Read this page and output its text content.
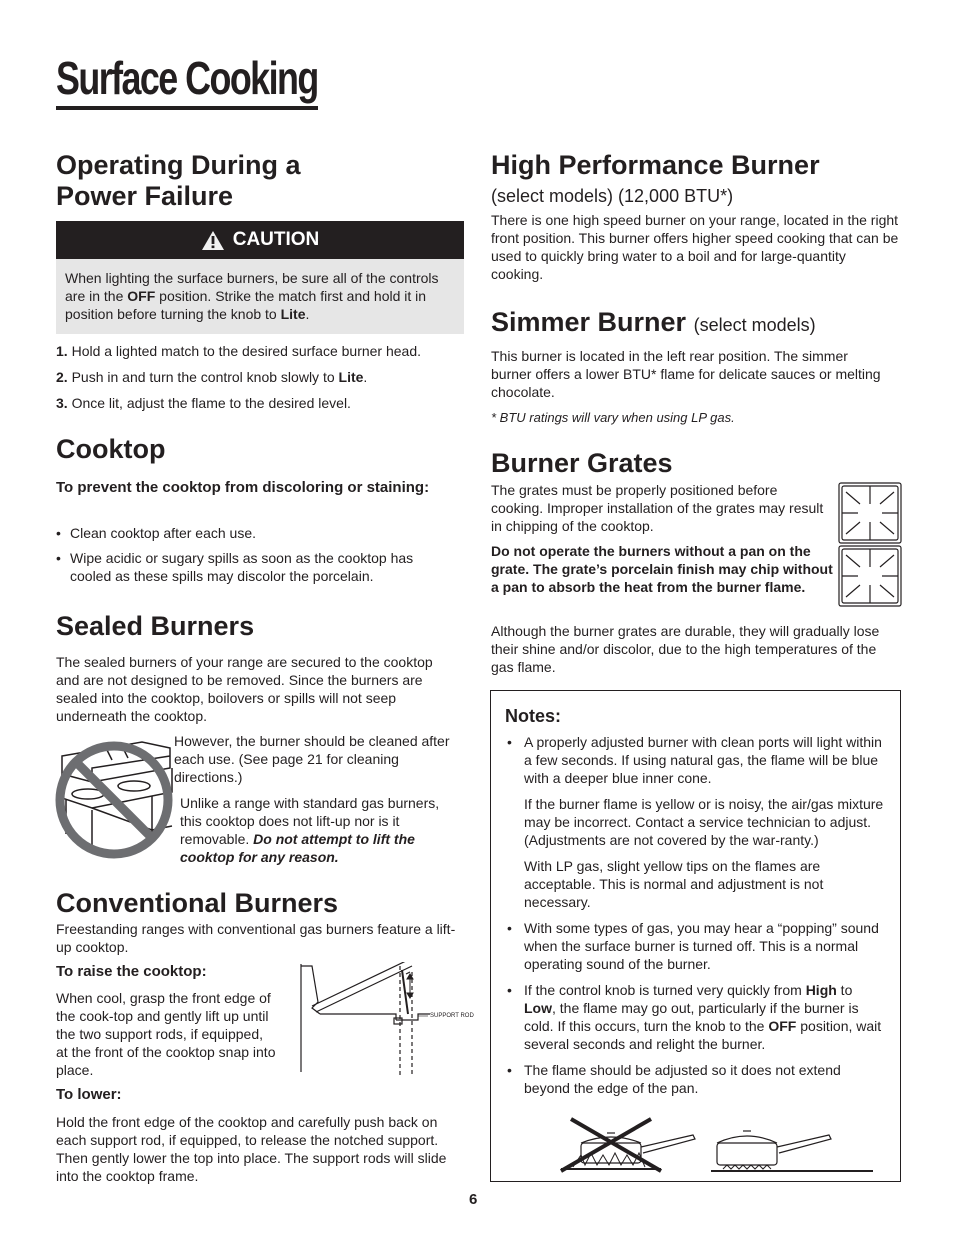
Surface Cooking
Operating During a
Power Failure
CAUTION
When lighting the surface burners, be sure all of the controls are in the OFF position. Strike the match first and hold it in position before turning the knob to Lite.
1. Hold a lighted match to the desired surface burner head.
2. Push in and turn the control knob slowly to Lite.
3. Once lit, adjust the flame to the desired level.
Cooktop

To prevent the cooktop from discoloring or staining:

• Clean cooktop after each use.
• Wipe acidic or sugary spills as soon as the cooktop has cooled as these spills may discolor the porcelain.
Sealed Burners

The sealed burners of your range are secured to the cooktop and are not designed to be removed. Since the burners are sealed into the cooktop, boilovers or spills will not seep underneath the cooktop.

However, the burner should be cleaned after each use. (See page 21 for cleaning directions.)

Unlike a range with standard gas burners, this cooktop does not lift-up nor is it removable. Do not attempt to lift the cooktop for any reason.

Conventional Burners

Freestanding ranges with conventional gas burners feature a lift-up cooktop.

To raise the cooktop:

When cool, grasp the front edge of the cook-top and gently lift up until the two support rods, if equipped, at the front of the cooktop snap into place.

SUPPORT ROD

To lower:

Hold the front edge of the cooktop and carefully push back on each support rod, if equipped, to release the notched support. Then gently lower the top into place. The support rods will slide into the cooktop frame.

High Performance Burner

(select models) (12,000 BTU*)

There is one high speed burner on your range, located in the right front position. This burner offers higher speed cooking that can be used to quickly bring water to a boil and for large-quantity cooking.

Simmer Burner (select models)

This burner is located in the left rear position. The simmer burner offers a lower BTU* flame for delicate sauces or melting chocolate.

* BTU ratings will vary when using LP gas.

Burner Grates

The grates must be properly positioned before cooking. Improper installation of the grates may result in chipping of the cooktop.

Do not operate the burners without a pan on the grate. The grate’s porcelain finish may chip without a pan to absorb the heat from the burner flame.

Although the burner grates are durable, they will gradually lose their shine and/or discolor, due to the high temperatures of the gas flame.

Notes:
• A properly adjusted burner with clean ports will light within a few seconds. If using natural gas, the flame will be blue with a deeper blue inner cone.
If the burner flame is yellow or is noisy, the air/gas mixture may be incorrect. Contact a service technician to adjust. (Adjustments are not covered by the war-ranty.)
With LP gas, slight yellow tips on the flames are acceptable. This is normal and adjustment is not necessary.
• With some types of gas, you may hear a “popping” sound when the surface burner is turned off. This is a normal operating sound of the burner.
• If the control knob is turned very quickly from High to Low, the flame may go out, particularly if the burner is cold. If this occurs, turn the knob to the OFF position, wait several seconds and relight the burner.
• The flame should be adjusted so it does not extend beyond the edge of the pan.
6
